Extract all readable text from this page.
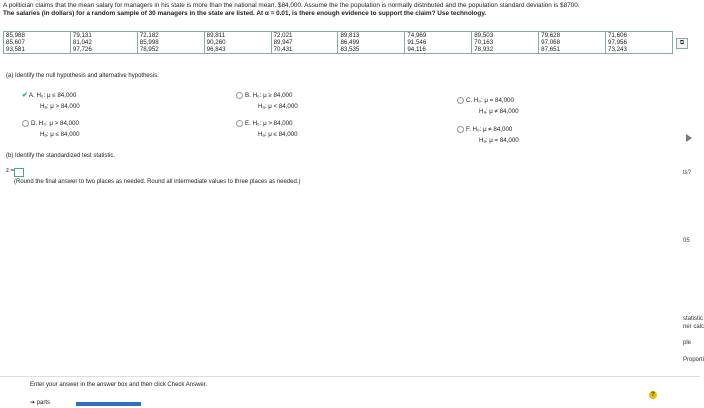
A politician claims that the mean salary for managers in his state is more than the national mean, $84,000. Assume the the population is normally distributed and the population standard deviation is $8700.
The salaries (in dollars) for a random sample of 30 managers in the state are listed. At α = 0.01, is there enough evidence to support the claim? Use technology.
85,988	79,131	72,182	89,811	72,021	89,813	74,969	89,503	79,628	71,606
85,607	81,042	85,998	90,260	89,947	86,499	91,546	70,163	97,068	97,956
93,581	97,726	78,952	96,843	70,431	83,535	94,116	78,932	87,651	73,243
⧉
(a) Identify the null hypothesis and alternative hypothesis.
✔A. H₀: μ ≤ 84,000
Hₐ: μ > 84,000
D. H₀: μ > 84,000
Hₐ: μ ≤ 84,000
B. H₀: μ ≥ 84,000
Hₐ: μ < 84,000
E. H₀: μ > 84,000
Hₐ: μ ≤ 84,000
C. H₀: μ = 84,000
Hₐ: μ ≠ 84,000
F. H₀: μ ≠ 84,000
Hₐ: μ = 84,000
(b) Identify the standardized test statistic.
z =
(Round the final answer to two places as needed. Round all intermediate values to three places as needed.)
ts?
05
statistic
ner calc
ple
Proporti
Enter your answer in the answer box and then click Check Answer.
➔ parts
?
